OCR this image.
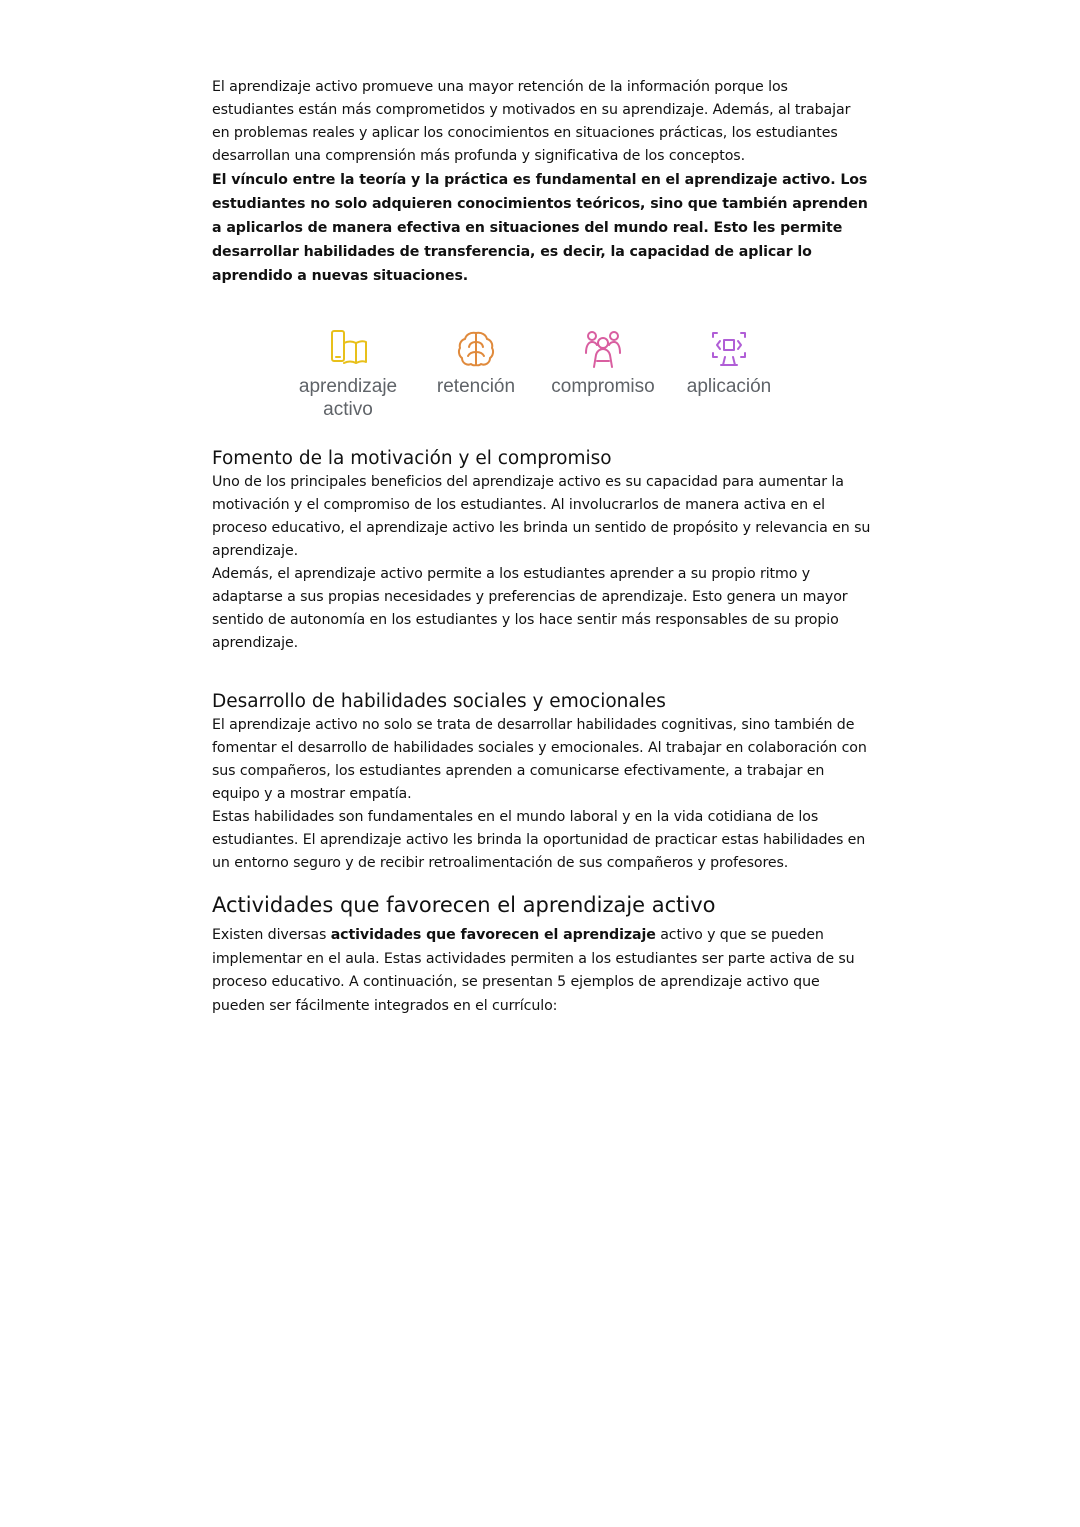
El aprendizaje activo promueve una mayor retención de la información porque los estudiantes están más comprometidos y motivados en su aprendizaje. Además, al trabajar en problemas reales y aplicar los conocimientos en situaciones prácticas, los estudiantes desarrollan una comprensión más profunda y significativa de los conceptos.

El vínculo entre la teoría y la práctica es fundamental en el aprendizaje activo. Los estudiantes no solo adquieren conocimientos teóricos, sino que también aprenden a aplicarlos de manera efectiva en situaciones del mundo real. Esto les permite desarrollar habilidades de transferencia, es decir, la capacidad de aplicar lo aprendido a nuevas situaciones.

aprendizaje
activo
retención	compromiso	aplicación
Fomento de la motivación y el compromiso

Uno de los principales beneficios del aprendizaje activo es su capacidad para aumentar la motivación y el compromiso de los estudiantes. Al involucrarlos de manera activa en el proceso educativo, el aprendizaje activo les brinda un sentido de propósito y relevancia en su aprendizaje.

Además, el aprendizaje activo permite a los estudiantes aprender a su propio ritmo y adaptarse a sus propias necesidades y preferencias de aprendizaje. Esto genera un mayor sentido de autonomía en los estudiantes y los hace sentir más responsables de su propio aprendizaje.

Desarrollo de habilidades sociales y emocionales

El aprendizaje activo no solo se trata de desarrollar habilidades cognitivas, sino también de fomentar el desarrollo de habilidades sociales y emocionales. Al trabajar en colaboración con sus compañeros, los estudiantes aprenden a comunicarse efectivamente, a trabajar en equipo y a mostrar empatía.

Estas habilidades son fundamentales en el mundo laboral y en la vida cotidiana de los estudiantes. El aprendizaje activo les brinda la oportunidad de practicar estas habilidades en un entorno seguro y de recibir retroalimentación de sus compañeros y profesores.

Actividades que favorecen el aprendizaje activo

Existen diversas actividades que favorecen el aprendizaje activo y que se pueden implementar en el aula. Estas actividades permiten a los estudiantes ser parte activa de su proceso educativo. A continuación, se presentan 5 ejemplos de aprendizaje activo que pueden ser fácilmente integrados en el currículo:
